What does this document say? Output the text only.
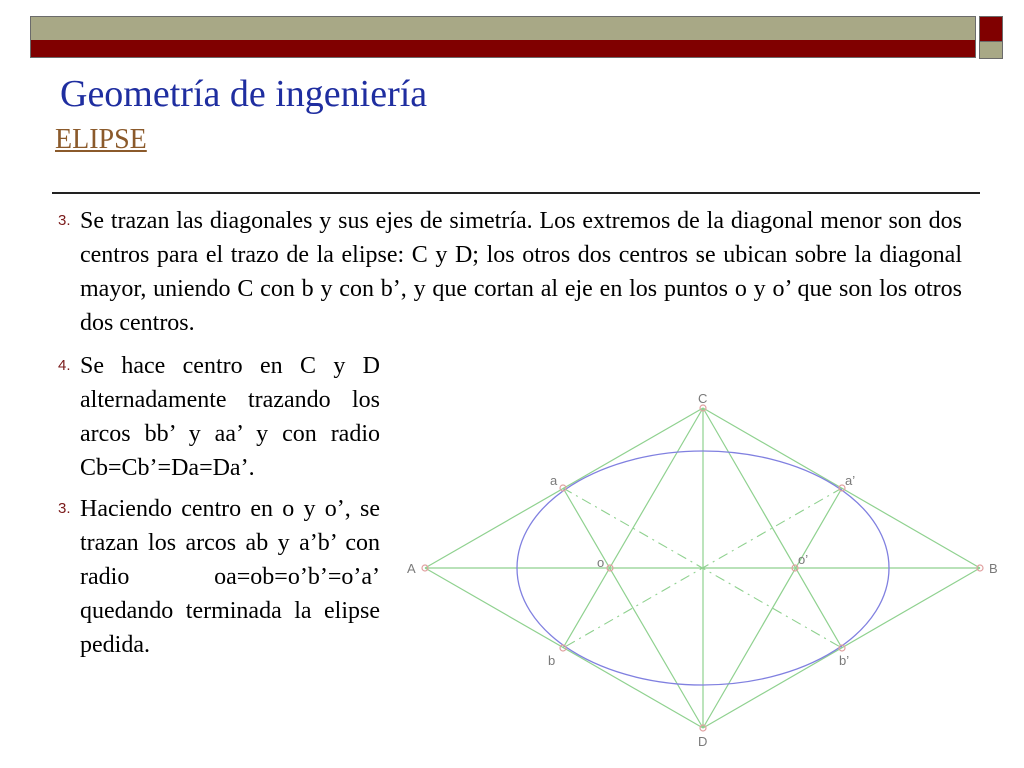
Geometría de ingeniería
ELIPSE
3. Se trazan las diagonales y sus ejes de simetría. Los extremos de la diagonal menor son dos centros para el trazo de la elipse: C y D; los otros dos centros se ubican sobre la diagonal mayor, uniendo C con b y con b’, y que cortan al eje en los puntos o y o’ que son los otros dos centros.
4. Se hace centro en C y D alternadamente trazando los arcos bb’ y aa’ y con radio Cb=Cb’=Da=Da’.
3. Haciendo centro en o y o’, se trazan los arcos ab y a’b’ con radio oa=ob=o’b’=o’a’ quedando terminada la elipse pedida.
C
D
A	B
a	a’
b	b’
o	o’
